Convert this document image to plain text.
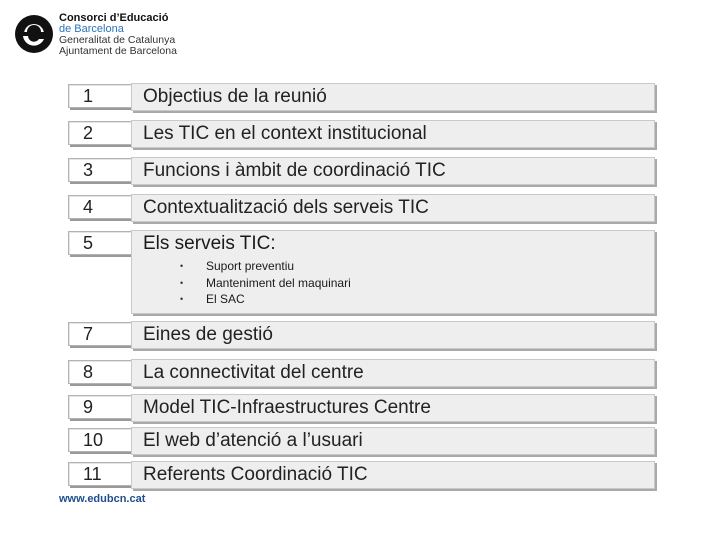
Consorci d’Educació
de Barcelona
Generalitat de Catalunya
Ajuntament de Barcelona
1	Objectius de la reunió
2	Les TIC en el context institucional
3	Funcions i àmbit de coordinació TIC
4	Contextualització dels serveis TIC
5	Els serveis TIC:
• Suport preventiu
• Manteniment del maquinari
• El SAC
7	Eines de gestió
8	La connectivitat del centre
9	Model TIC-Infraestructures Centre
10 El web d’atenció a l’usuari
11 Referents Coordinació TIC
www.edubcn.cat
